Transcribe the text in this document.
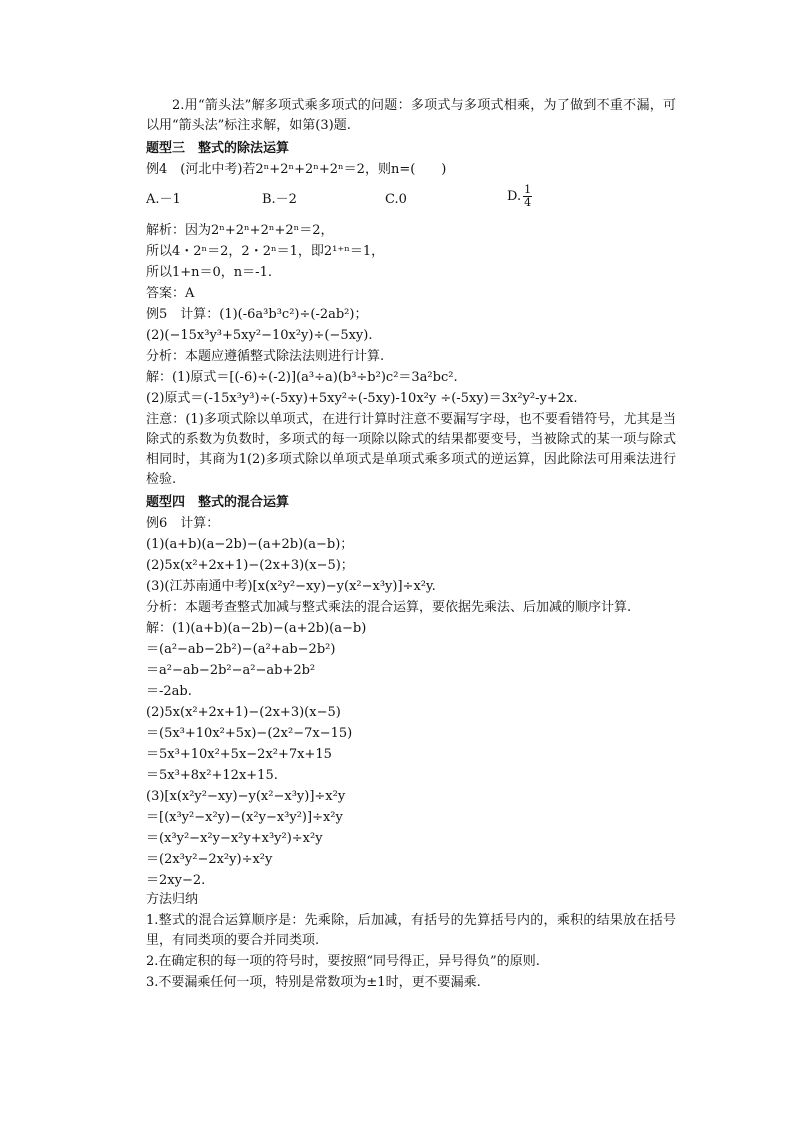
2.用“箭头法”解多项式乘多项式的问题：多项式与多项式相乘，为了做到不重不漏，可以用“箭头法”标注求解，如第(3)题.
题型三　整式的除法运算
例4　(河北中考)若2ⁿ+2ⁿ+2ⁿ+2ⁿ＝2，则n=(　　)
A.－1	B.－2	C.0	D. $\frac{1}{4}$
解析：因为2ⁿ+2ⁿ+2ⁿ+2ⁿ＝2，
所以4・2ⁿ＝2，2・2ⁿ＝1，即2¹⁺ⁿ＝1，
所以1+n＝0，n＝-1.
答案：A
例5　计算：(1)(-6a³b³c²)÷(-2ab²)；
(2)(−15x³y³+5xy²−10x²y)÷(−5xy).
分析：本题应遵循整式除法法则进行计算.
解：(1)原式＝[(-6)÷(-2)](a³÷a)(b³÷b²)c²＝3a²bc².
(2)原式＝(-15x³y³)÷(-5xy)+5xy²÷(-5xy)-10x²y ÷(-5xy)＝3x²y²-y+2x.
注意：(1)多项式除以单项式，在进行计算时注意不要漏写字母，也不要看错符号，尤其是当除式的系数为负数时，多项式的每一项除以除式的结果都要变号，当被除式的某一项与除式相同时，其商为1(2)多项式除以单项式是单项式乘多项式的逆运算，因此除法可用乘法进行检验.
题型四　整式的混合运算
例6　计算：
(1)(a+b)(a−2b)−(a+2b)(a−b)；
(2)5x(x²+2x+1)−(2x+3)(x−5)；
(3)(江苏南通中考)[x(x²y²−xy)−y(x²−x³y)]÷x²y.
分析：本题考查整式加减与整式乘法的混合运算，要依据先乘法、后加减的顺序计算.
解：(1)(a+b)(a−2b)−(a+2b)(a−b)
＝(a²−ab−2b²)−(a²+ab−2b²)
＝a²−ab−2b²−a²−ab+2b²
＝-2ab.
(2)5x(x²+2x+1)−(2x+3)(x−5)
＝(5x³+10x²+5x)−(2x²−7x−15)
＝5x³+10x²+5x−2x²+7x+15
＝5x³+8x²+12x+15.
(3)[x(x²y²−xy)−y(x²−x³y)]÷x²y
＝[(x³y²−x²y)−(x²y−x³y²)]÷x²y
＝(x³y²−x²y−x²y+x³y²)÷x²y
＝(2x³y²−2x²y)÷x²y
＝2xy−2.
方法归纳
1.整式的混合运算顺序是：先乘除，后加减，有括号的先算括号内的，乘积的结果放在括号里，有同类项的要合并同类项.
2.在确定积的每一项的符号时，要按照“同号得正，异号得负”的原则.
3.不要漏乘任何一项，特别是常数项为±1时，更不要漏乘.
